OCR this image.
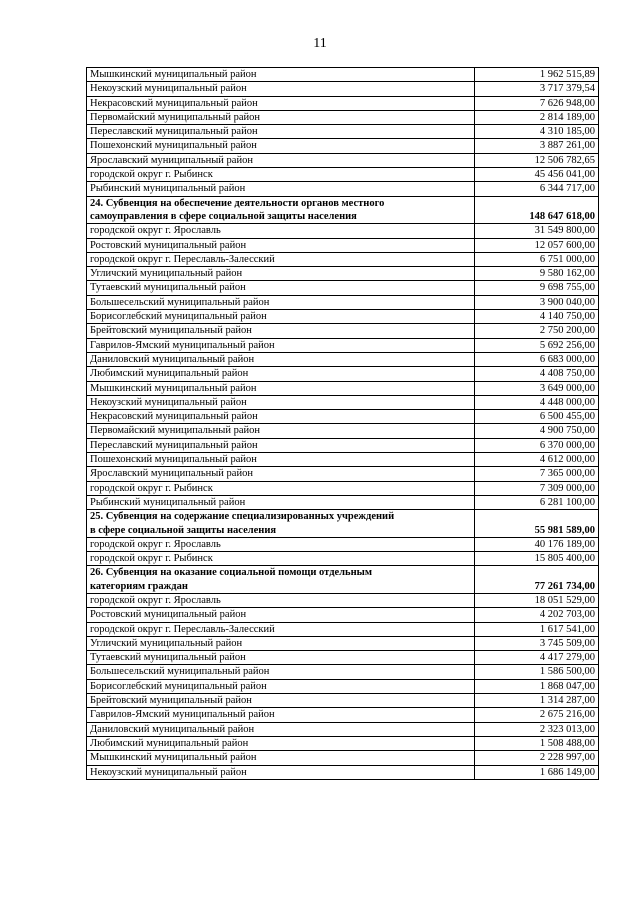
11
Мышкинский муниципальный район	1 962 515,89
Некоузский муниципальный район	3 717 379,54
Некрасовский муниципальный район	7 626 948,00
Первомайский муниципальный район	2 814 189,00
Переславский муниципальный район	4 310 185,00
Пошехонский муниципальный район	3 887 261,00
Ярославский муниципальный район	12 506 782,65
городской округ г. Рыбинск	45 456 041,00
Рыбинский муниципальный район	6 344 717,00

24. Субвенция на обеспечение деятельности органов местного
самоуправления в сфере социальной защиты населения	148 647 618,00
городской округ г. Ярославль	31 549 800,00
Ростовский муниципальный район	12 057 600,00
городской округ г. Переславль-Залесский	6 751 000,00
Угличский муниципальный район	9 580 162,00
Тутаевский муниципальный район	9 698 755,00
Большесельский муниципальный район	3 900 040,00
Борисоглебский муниципальный район	4 140 750,00
Брейтовский муниципальный район	2 750 200,00
Гаврилов-Ямский муниципальный район	5 692 256,00
Даниловский муниципальный район	6 683 000,00
Любимский муниципальный район	4 408 750,00
Мышкинский муниципальный район	3 649 000,00
Некоузский муниципальный район	4 448 000,00
Некрасовский муниципальный район	6 500 455,00
Первомайский муниципальный район	4 900 750,00
Переславский муниципальный район	6 370 000,00
Пошехонский муниципальный район	4 612 000,00
Ярославский муниципальный район	7 365 000,00
городской округ г. Рыбинск	7 309 000,00
Рыбинский муниципальный район	6 281 100,00

25. Субвенция на содержание специализированных учреждений
в сфере социальной защиты населения	55 981 589,00
городской округ г. Ярославль	40 176 189,00
городской округ г. Рыбинск	15 805 400,00

26. Субвенция на оказание социальной помощи отдельным
категориям граждан	77 261 734,00
городской округ г. Ярославль	18 051 529,00
Ростовский муниципальный район	4 202 703,00
городской округ г. Переславль-Залесский	1 617 541,00
Угличский муниципальный район	3 745 509,00
Тутаевский муниципальный район	4 417 279,00
Большесельский муниципальный район	1 586 500,00
Борисоглебский муниципальный район	1 868 047,00
Брейтовский муниципальный район	1 314 287,00
Гаврилов-Ямский муниципальный район	2 675 216,00
Даниловский муниципальный район	2 323 013,00
Любимский муниципальный район	1 508 488,00
Мышкинский муниципальный район	2 228 997,00
Некоузский муниципальный район	1 686 149,00
